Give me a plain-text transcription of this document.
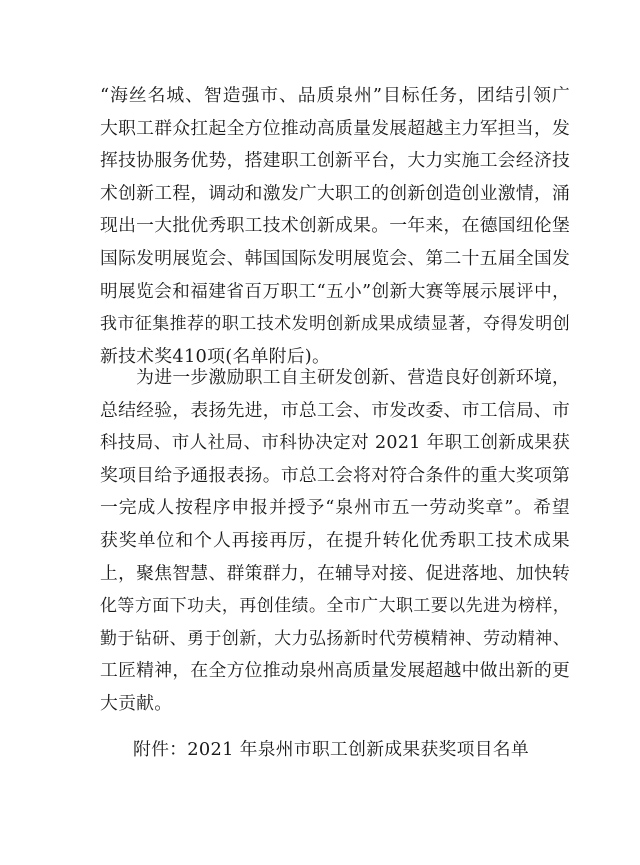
“海丝名城、智造强市、品质泉州”目标任务，团结引领广
大职工群众扛起全方位推动高质量发展超越主力军担当，发
挥技协服务优势，搭建职工创新平台，大力实施工会经济技
术创新工程，调动和激发广大职工的创新创造创业激情，涌
现出一大批优秀职工技术创新成果。一年来，在德国纽伦堡
国际发明展览会、韩国国际发明展览会、第二十五届全国发
明展览会和福建省百万职工“五小”创新大赛等展示展评中，
我市征集推荐的职工技术发明创新成果成绩显著，夺得发明创
新技术奖410项(名单附后)。
　　为进一步激励职工自主研发创新、营造良好创新环境，
总结经验，表扬先进，市总工会、市发改委、市工信局、市
科技局、市人社局、市科协决定对 2021 年职工创新成果获
奖项目给予通报表扬。市总工会将对符合条件的重大奖项第
一完成人按程序申报并授予“泉州市五一劳动奖章”。希望
获奖单位和个人再接再厉，在提升转化优秀职工技术成果
上，聚焦智慧、群策群力，在辅导对接、促进落地、加快转
化等方面下功夫，再创佳绩。全市广大职工要以先进为榜样，
勤于钻研、勇于创新，大力弘扬新时代劳模精神、劳动精神、
工匠精神，在全方位推动泉州高质量发展超越中做出新的更
大贡献。
附件：2021 年泉州市职工创新成果获奖项目名单
